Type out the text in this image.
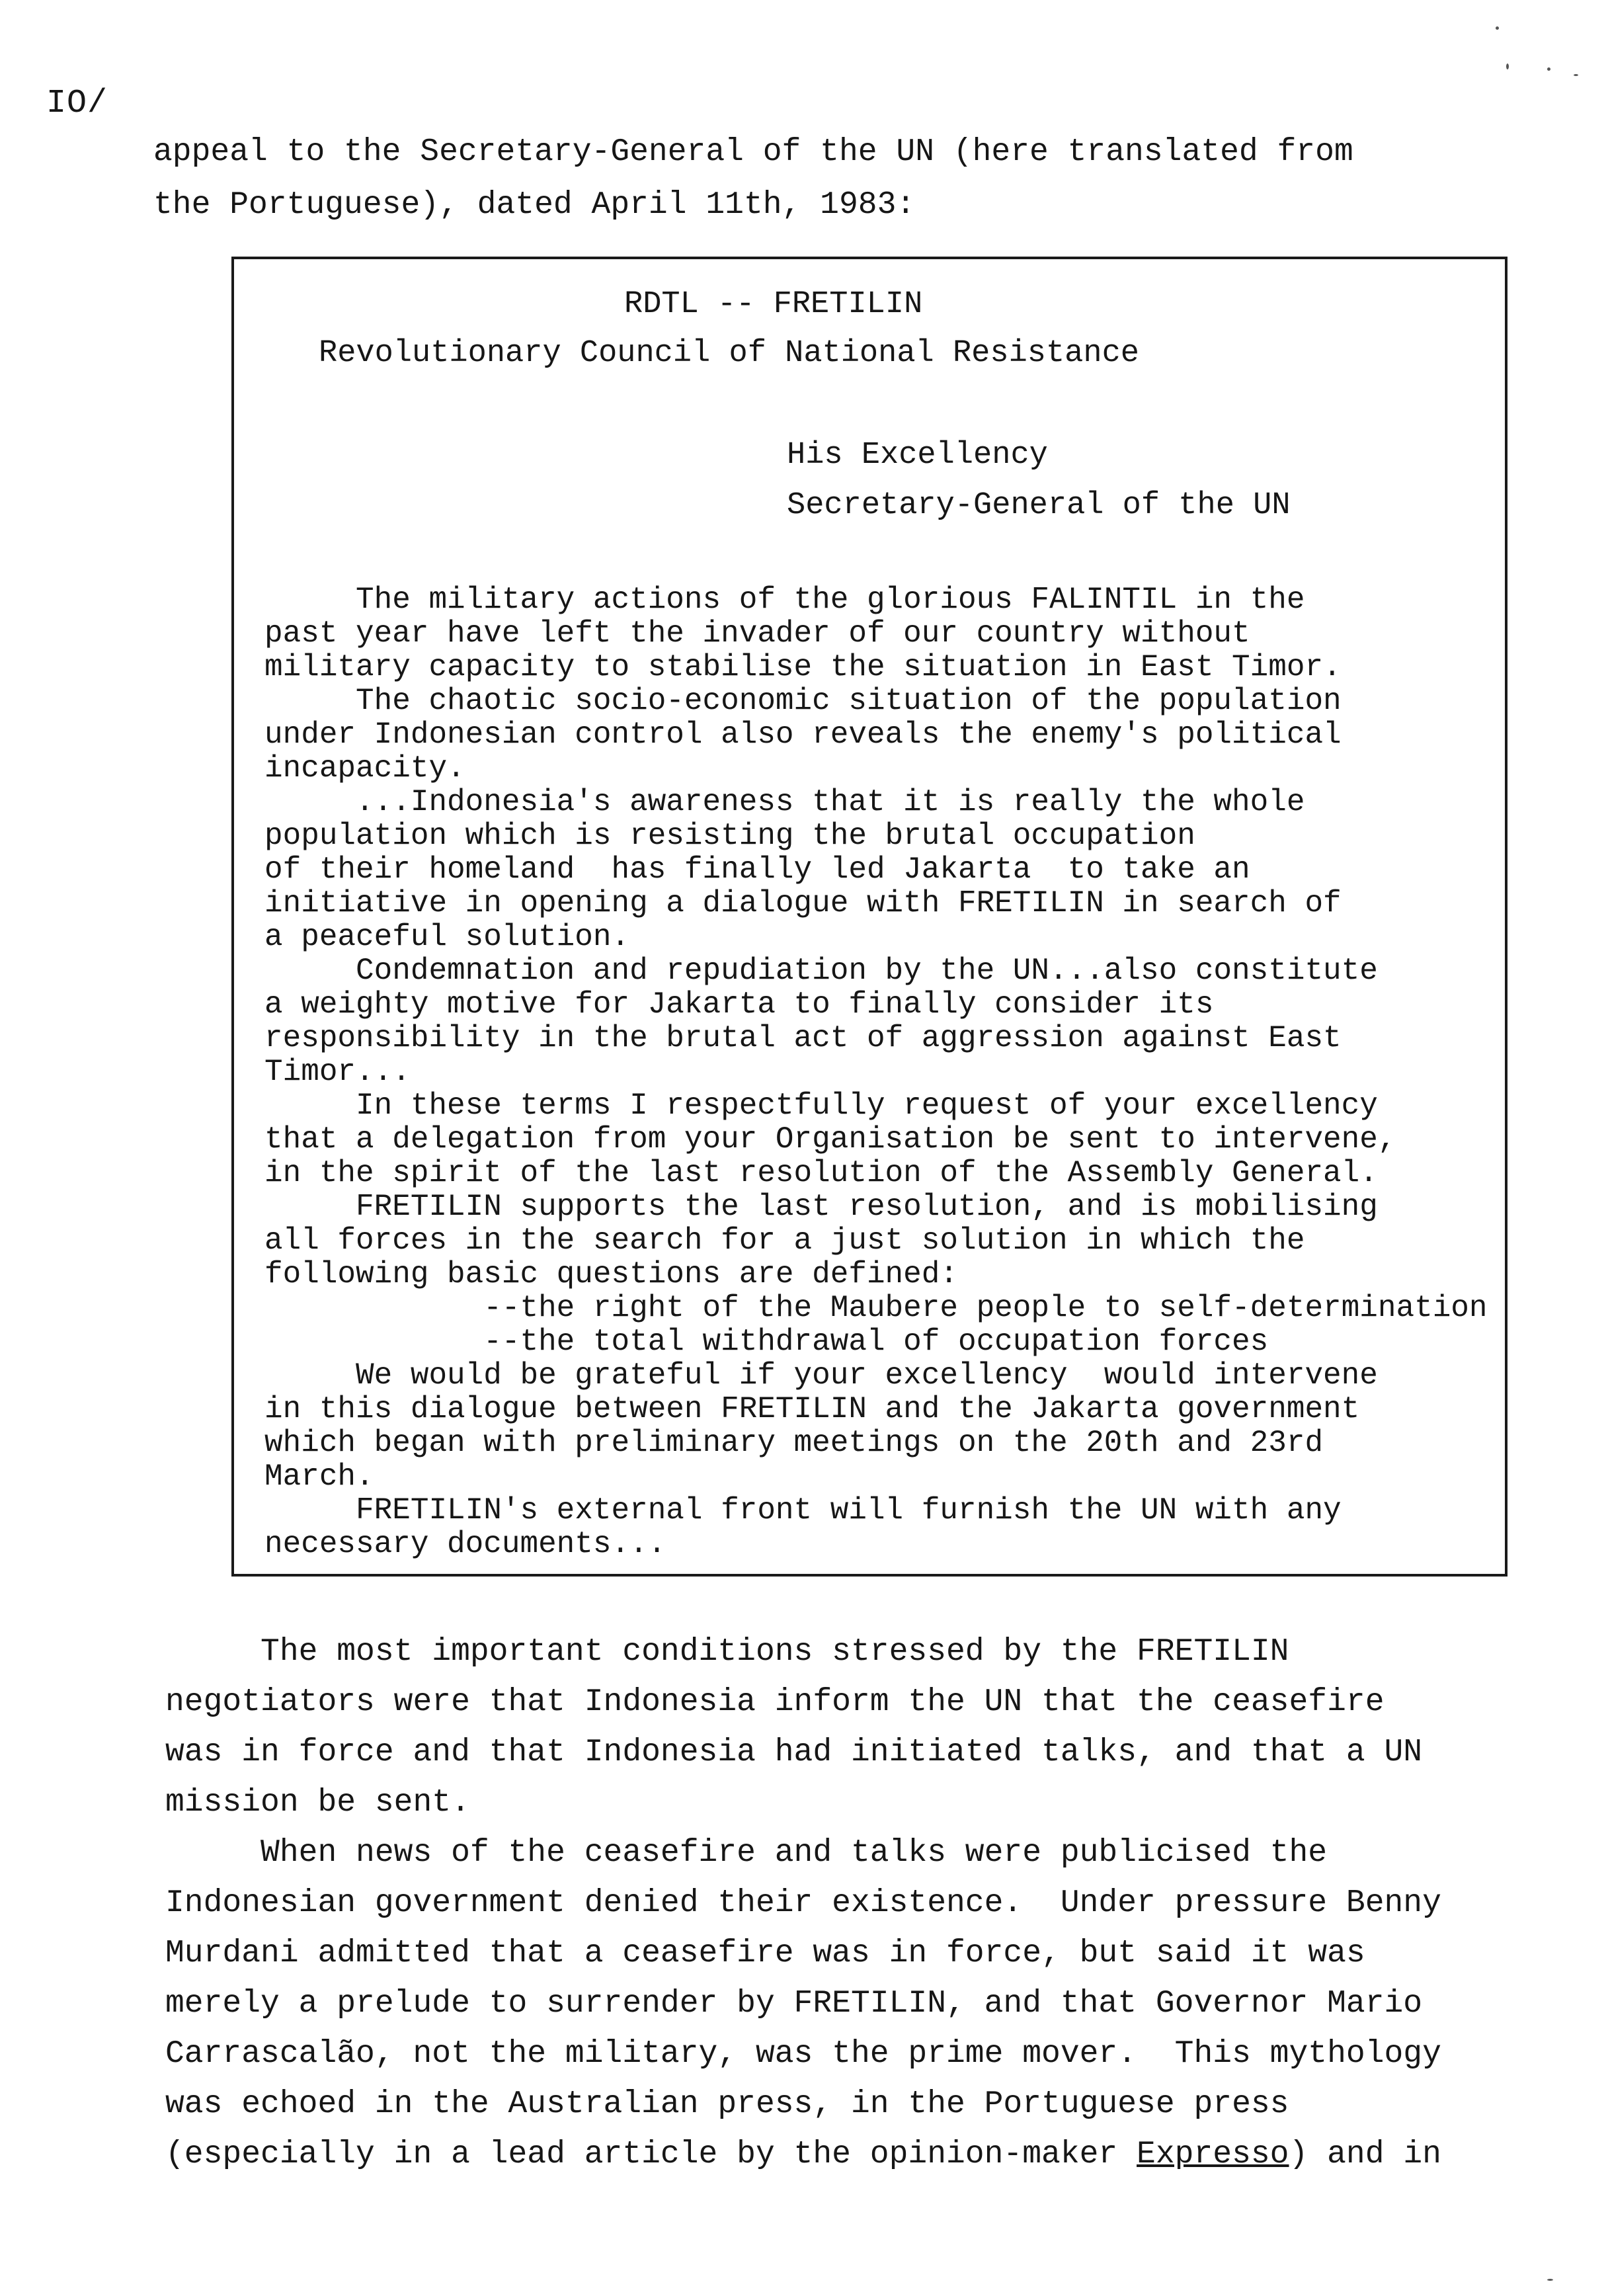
IO/
appeal to the Secretary-General of the UN (here translated from
the Portuguese), dated April 11th, 1983:
RDTL -- FRETILIN
Revolutionary Council of National Resistance
His Excellency
Secretary-General of the UN
The military actions of the glorious FALINTIL in the
past year have left the invader of our country without
military capacity to stabilise the situation in East Timor.
The chaotic socio-economic situation of the population
under Indonesian control also reveals the enemy's political
incapacity.
...Indonesia's awareness that it is really the whole
population which is resisting the brutal occupation
of their homeland  has finally led Jakarta  to take an
initiative in opening a dialogue with FRETILIN in search of
a peaceful solution.
Condemnation and repudiation by the UN...also constitute
a weighty motive for Jakarta to finally consider its
responsibility in the brutal act of aggression against East
Timor...
In these terms I respectfully request of your excellency
that a delegation from your Organisation be sent to intervene,
in the spirit of the last resolution of the Assembly General.
FRETILIN supports the last resolution, and is mobilising
all forces in the search for a just solution in which the
following basic questions are defined:
--the right of the Maubere people to self-determination
--the total withdrawal of occupation forces
We would be grateful if your excellency  would intervene
in this dialogue between FRETILIN and the Jakarta government
which began with preliminary meetings on the 20th and 23rd
March.
FRETILIN's external front will furnish the UN with any
necessary documents...
The most important conditions stressed by the FRETILIN
negotiators were that Indonesia inform the UN that the ceasefire
was in force and that Indonesia had initiated talks, and that a UN
mission be sent.
When news of the ceasefire and talks were publicised the
Indonesian government denied their existence.  Under pressure Benny
Murdani admitted that a ceasefire was in force, but said it was
merely a prelude to surrender by FRETILIN, and that Governor Mario
Carrascalão, not the military, was the prime mover.  This mythology
was echoed in the Australian press, in the Portuguese press
(especially in a lead article by the opinion-maker Expresso) and in
